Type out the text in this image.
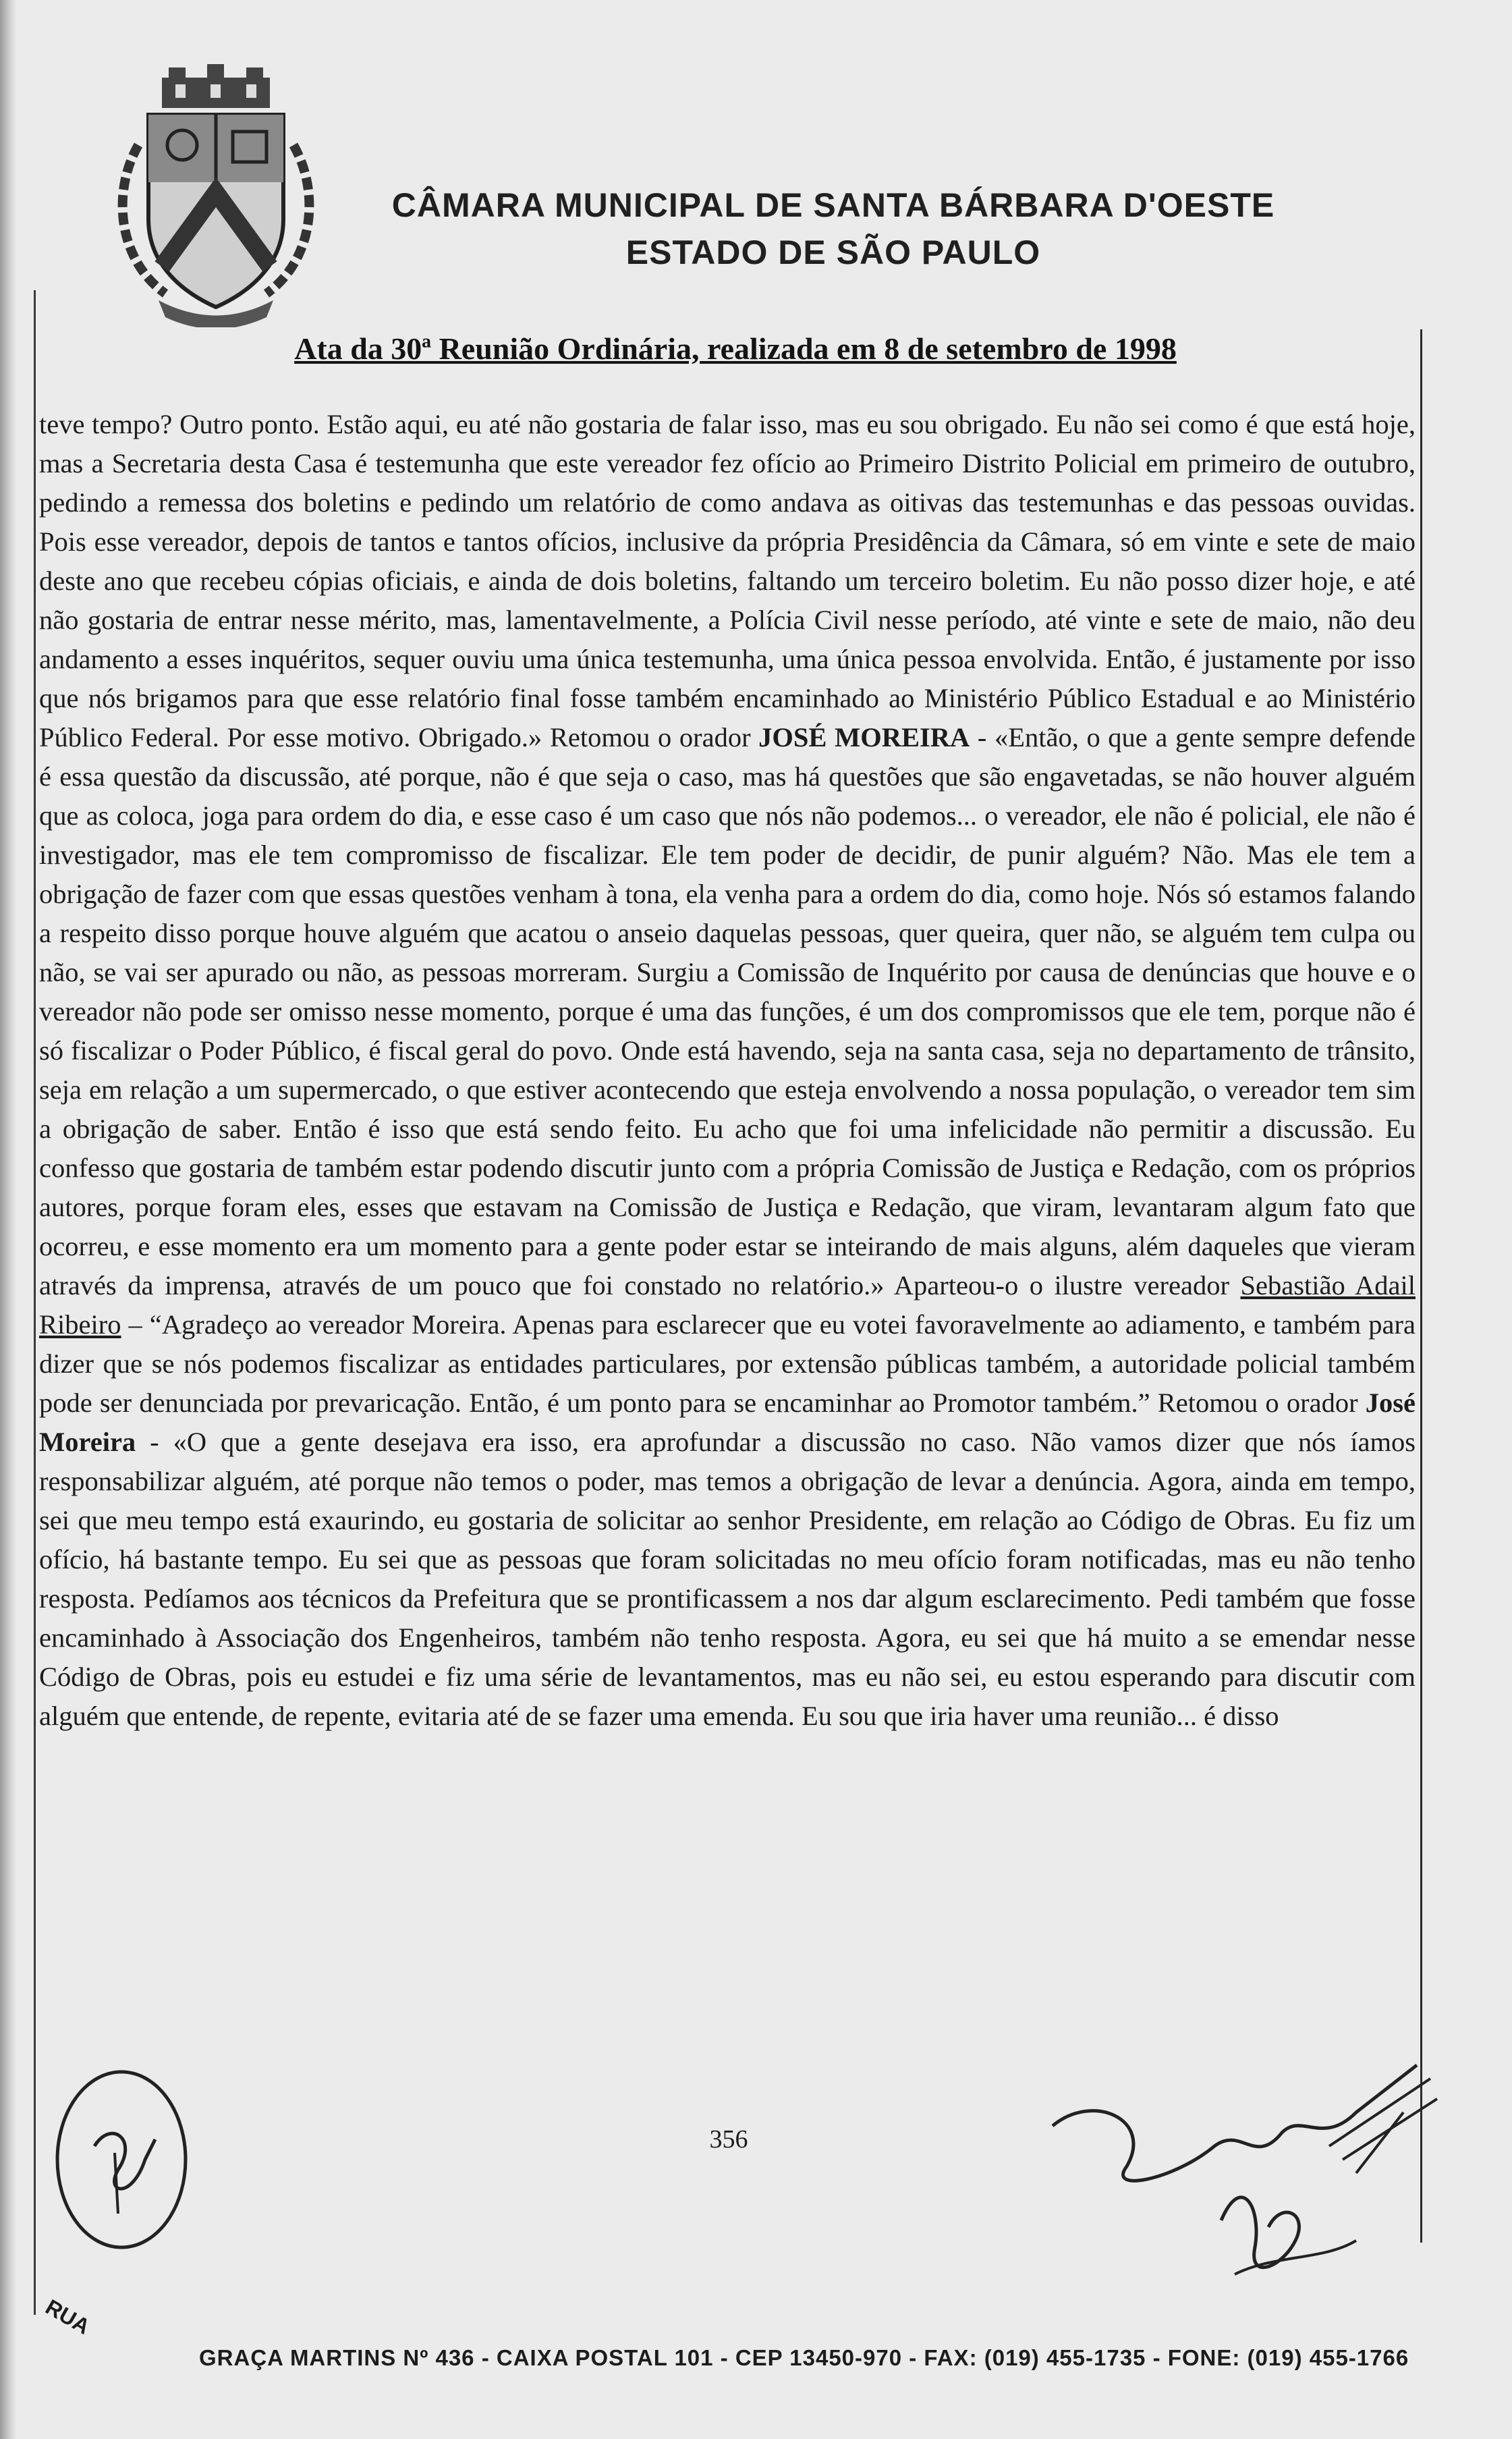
CÂMARA MUNICIPAL DE SANTA BÁRBARA D'OESTE
ESTADO DE SÃO PAULO
Ata da 30ª Reunião Ordinária, realizada em 8 de setembro de 1998

teve tempo? Outro ponto. Estão aqui, eu até não gostaria de falar isso, mas eu sou obrigado. Eu não sei como é que está hoje, mas a Secretaria desta Casa é testemunha que este vereador fez ofício ao Primeiro Distrito Policial em primeiro de outubro, pedindo a remessa dos boletins e pedindo um relatório de como andava as oitivas das testemunhas e das pessoas ouvidas. Pois esse vereador, depois de tantos e tantos ofícios, inclusive da própria Presidência da Câmara, só em vinte e sete de maio deste ano que recebeu cópias oficiais, e ainda de dois boletins, faltando um terceiro boletim. Eu não posso dizer hoje, e até não gostaria de entrar nesse mérito, mas, lamentavelmente, a Polícia Civil nesse período, até vinte e sete de maio, não deu andamento a esses inquéritos, sequer ouviu uma única testemunha, uma única pessoa envolvida. Então, é justamente por isso que nós brigamos para que esse relatório final fosse também encaminhado ao Ministério Público Estadual e ao Ministério Público Federal. Por esse motivo. Obrigado.» Retomou o orador JOSÉ MOREIRA - «Então, o que a gente sempre defende é essa questão da discussão, até porque, não é que seja o caso, mas há questões que são engavetadas, se não houver alguém que as coloca, joga para ordem do dia, e esse caso é um caso que nós não podemos... o vereador, ele não é policial, ele não é investigador, mas ele tem compromisso de fiscalizar. Ele tem poder de decidir, de punir alguém? Não. Mas ele tem a obrigação de fazer com que essas questões venham à tona, ela venha para a ordem do dia, como hoje. Nós só estamos falando a respeito disso porque houve alguém que acatou o anseio daquelas pessoas, quer queira, quer não, se alguém tem culpa ou não, se vai ser apurado ou não, as pessoas morreram. Surgiu a Comissão de Inquérito por causa de denúncias que houve e o vereador não pode ser omisso nesse momento, porque é uma das funções, é um dos compromissos que ele tem, porque não é só fiscalizar o Poder Público, é fiscal geral do povo. Onde está havendo, seja na santa casa, seja no departamento de trânsito, seja em relação a um supermercado, o que estiver acontecendo que esteja envolvendo a nossa população, o vereador tem sim a obrigação de saber. Então é isso que está sendo feito. Eu acho que foi uma infelicidade não permitir a discussão. Eu confesso que gostaria de também estar podendo discutir junto com a própria Comissão de Justiça e Redação, com os próprios autores, porque foram eles, esses que estavam na Comissão de Justiça e Redação, que viram, levantaram algum fato que ocorreu, e esse momento era um momento para a gente poder estar se inteirando de mais alguns, além daqueles que vieram através da imprensa, através de um pouco que foi constado no relatório.» Aparteou-o o ilustre vereador Sebastião Adail Ribeiro – “Agradeço ao vereador Moreira. Apenas para esclarecer que eu votei favoravelmente ao adiamento, e também para dizer que se nós podemos fiscalizar as entidades particulares, por extensão públicas também, a autoridade policial também pode ser denunciada por prevaricação. Então, é um ponto para se encaminhar ao Promotor também.” Retomou o orador José Moreira - «O que a gente desejava era isso, era aprofundar a discussão no caso. Não vamos dizer que nós íamos responsabilizar alguém, até porque não temos o poder, mas temos a obrigação de levar a denúncia. Agora, ainda em tempo, sei que meu tempo está exaurindo, eu gostaria de solicitar ao senhor Presidente, em relação ao Código de Obras. Eu fiz um ofício, há bastante tempo. Eu sei que as pessoas que foram solicitadas no meu ofício foram notificadas, mas eu não tenho resposta. Pedíamos aos técnicos da Prefeitura que se prontificassem a nos dar algum esclarecimento. Pedi também que fosse encaminhado à Associação dos Engenheiros, também não tenho resposta. Agora, eu sei que há muito a se emendar nesse Código de Obras, pois eu estudei e fiz uma série de levantamentos, mas eu não sei, eu estou esperando para discutir com alguém que entende, de repente, evitaria até de se fazer uma emenda. Eu sou que iria haver uma reunião... é disso

356
RUA
GRAÇA MARTINS Nº 436 - CAIXA POSTAL 101 - CEP 13450-970 - FAX: (019) 455-1735 - FONE: (019) 455-1766
